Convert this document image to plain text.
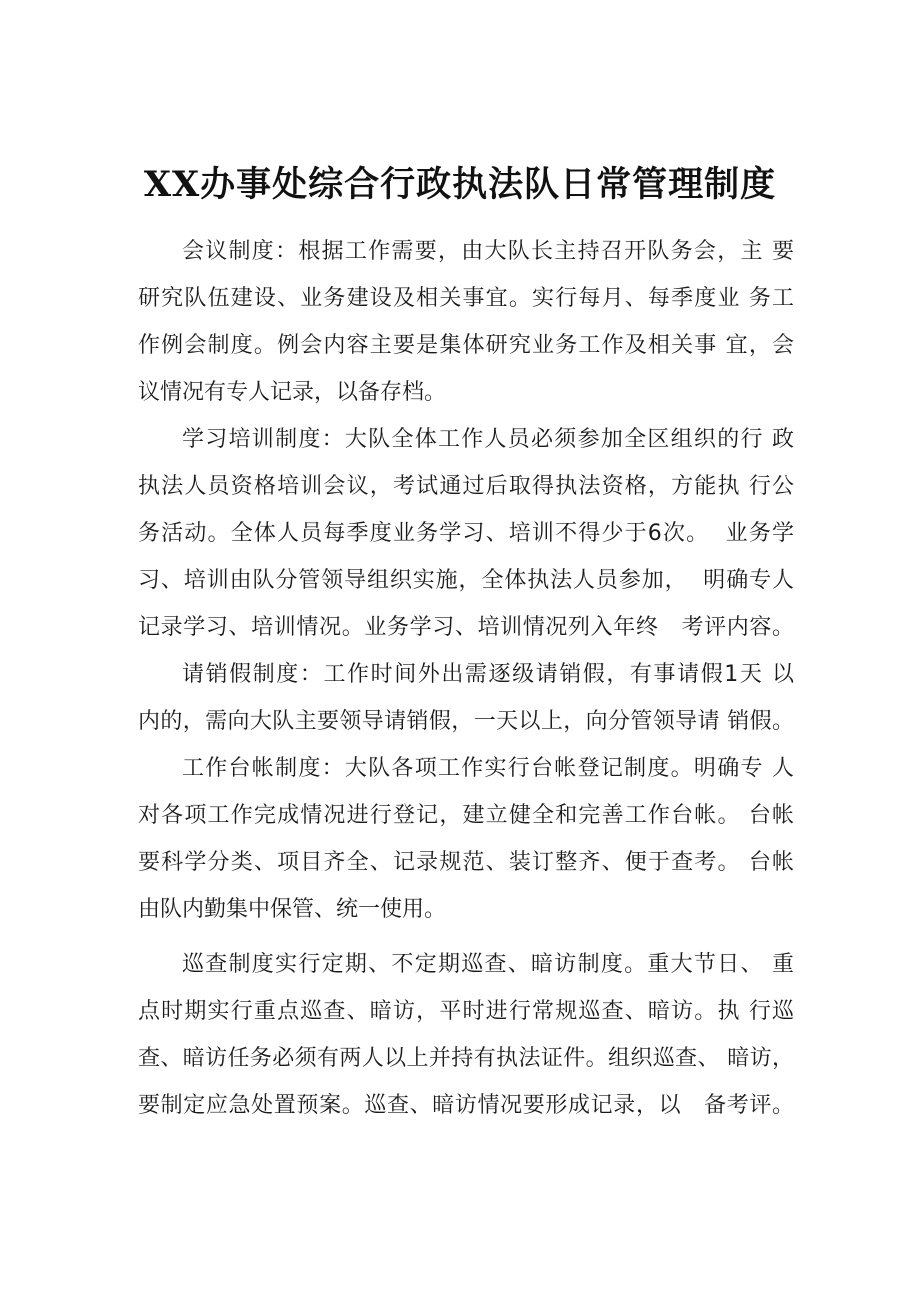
XX办事处综合行政执法队日常管理制度
会议制度：根据工作需要，由大队长主持召开队务会，主 要
研究队伍建设、业务建设及相关事宜。实行每月、每季度业 务工
作例会制度。例会内容主要是集体研究业务工作及相关事 宜，会
议情况有专人记录，以备存档。
学习培训制度：大队全体工作人员必须参加全区组织的行 政
执法人员资格培训会议，考试通过后取得执法资格，方能执 行公
务活动。全体人员每季度业务学习、培训不得少于6次。  业务学
习、培训由队分管领导组织实施，全体执法人员参加，  明确专人
记录学习、培训情况。业务学习、培训情况列入年终   考评内容。
请销假制度：工作时间外出需逐级请销假，有事请假1天 以
内的，需向大队主要领导请销假，一天以上，向分管领导请 销假。
工作台帐制度：大队各项工作实行台帐登记制度。明确专 人
对各项工作完成情况进行登记，建立健全和完善工作台帐。 台帐
要科学分类、项目齐全、记录规范、装订整齐、便于查考。 台帐
由队内勤集中保管、统一使用。
巡查制度实行定期、不定期巡查、暗访制度。重大节日、 重
点时期实行重点巡查、暗访，平时进行常规巡查、暗访。执 行巡
查、暗访任务必须有两人以上并持有执法证件。组织巡查、 暗访，
要制定应急处置预案。巡查、暗访情况要形成记录，以   备考评。
